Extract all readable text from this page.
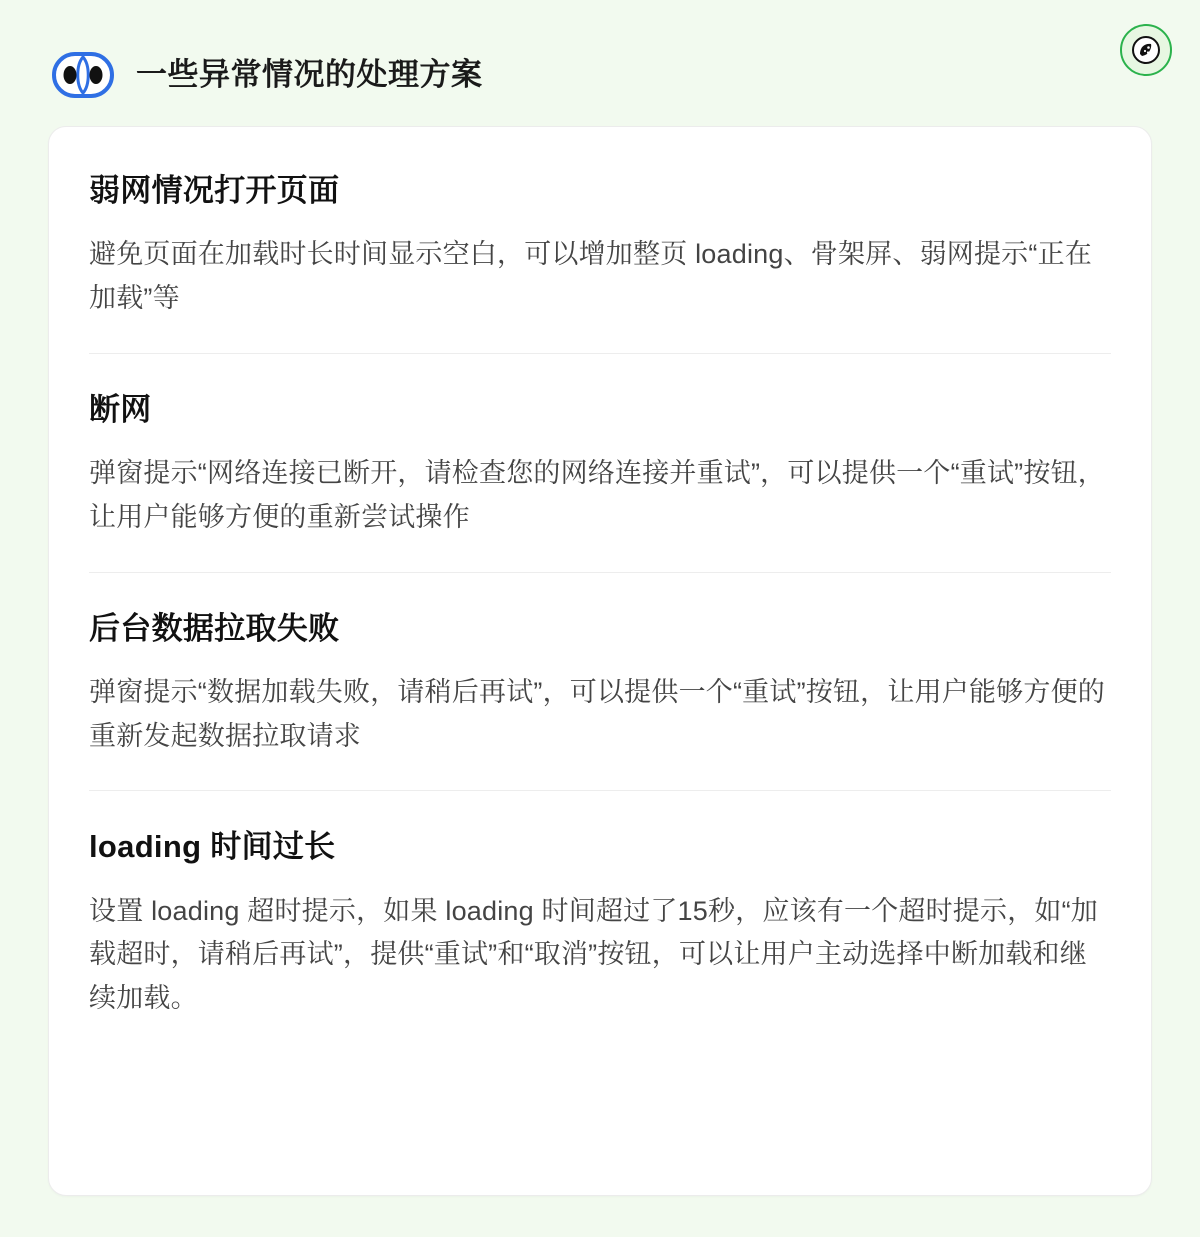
一些异常情况的处理方案
弱网情况打开页面

避免页面在加载时长时间显示空白，可以增加整页 loading、骨架屏、弱网提示“正在加载”等

断网

弹窗提示“网络连接已断开，请检查您的网络连接并重试”，可以提供一个“重试”按钮，让用户能够方便的重新尝试操作

后台数据拉取失败

弹窗提示“数据加载失败，请稍后再试”，可以提供一个“重试”按钮，让用户能够方便的重新发起数据拉取请求

loading 时间过长

设置 loading 超时提示，如果 loading 时间超过了15秒，应该有一个超时提示，如“加载超时，请稍后再试”，提供“重试”和“取消”按钮，可以让用户主动选择中断加载和继续加载。
